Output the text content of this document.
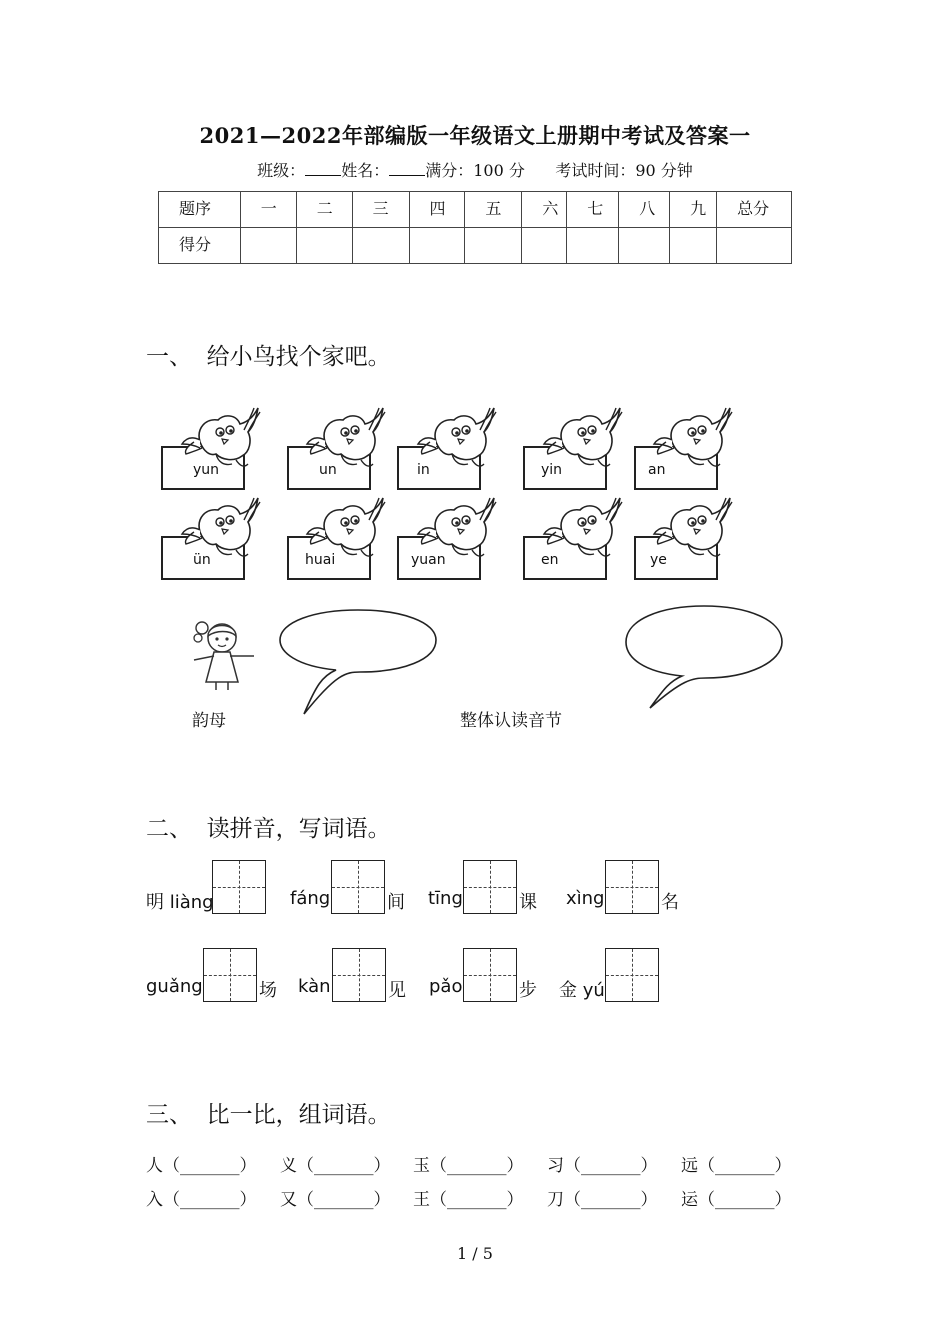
2021—2022年部编版一年级语文上册期中考试及答案一
班级： 姓名： 满分：100 分 考试时间：90 分钟
题序	一	二	三	四	五	六	七	八	九	总分
得分										
一、  给小鸟找个家吧。
yun	un	in	yin	an
ün	huai	yuan	en	ye
韵母	整体认读音节
二、  读拼音，写词语。
明 liàng	fáng	间 tīng	课 xìng	名
guǎng	场 kàn	见 pǎo	步 金 yú
三、  比一比，组词语。
人（_______） 义（_______） 玉（_______） 习（_______） 远（_______）
入（_______） 又（_______） 王（_______） 刀（_______） 运（_______）
1 / 5
